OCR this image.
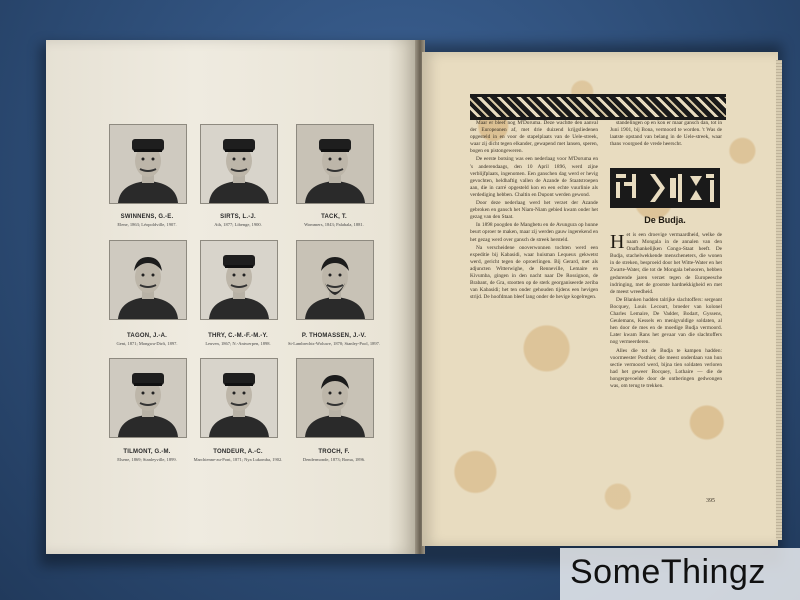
SWINNENS, G.-E.
Elene, 1863; Léopoldville, 1907.
SIRTS, L.-J.
Ath, 1877; Libenge, 1900.
TACK, T.
Wommers, 1843; Palabala, 1881.
TAGON, J.-A.
Gent, 1871; Mongwa-Dirfi, 1897.
THRY, C.-M.-F.-M.-Y.
Leuven, 1867; N.-Antwerpen, 1898.
P. THOMASSEN, J.-V.
St-Lambrechts-Woluwe, 1870; Stanley-Pool, 1897.
TILMONT, G.-M.
Elsene, 1869; Stanleyville, 1899.
TONDEUR, A.-C.
Marchienne-au-Pont, 1871; Nya Lukomba, 1902.
TROCH, F.
Dendermonde, 1873; Boma, 1896.

Maar er bleef nog M'Doruma. Deze wachtte den aanval der Europeanen af, met drie duizend krijgsliedenen opgesteld in en voor de stapelplaats van de Uele-streek, waar zij dicht tegen elkander, gewapend met lansen, speren, bogen en pistongeweren.

De eerste botsing was een nederlaag voor M'Doruma en 's anderendaags, den 10 April 1896, werd zijne verblijfplaats, ingenomen. Een ganschen dag werd er hevig gevochten, heldhaftig vallen de Azande de Staatstroepen aan, die in carré opgesteld kon en een echte vuurlinie als verdediging hebben. Chaltin en Dupont werden gewond.

Door deze nederlaag werd het verzet der Azande gebroken en gansch het Niam-Niam gebied kwam onder het gezag van den Staat.

In 1898 poogden de Mangbetu en de Avungura op hunne beurt oproer te maken, maar zij werden gauw ingerekend en het gezag werd over gansch de streek hersteld.

Na verscheidene onoverwonnen tochten werd een expeditie bij Kabasidi, waar huisman Lequeux gekwetst werd, gericht tegen de oproerlingen. Bij Gerard, met als adjuncten Witterwighe, de Renneville, Lemaire en Kivumba, gingen in den nacht naar De Rossignon, de Brabant, de Gra, stootten op de sterk georganiseerde zeriba van Kabasidi; het ten onder gehouden tijdens een hevigen strijd. De hoofdman bleef lang onder de hevige kogelregen.

standelingen op en kon er maar gansch dan, tot in Juni 1901, bij Bona, vermoord te worden. 't Was de laatste opstand van belang in de Uele-streek, waar thans voorgoed de vrede heerscht.

De Budja.

Het is een droevige vermaardheid, welke de naam Mongala in de annalen van den Onafhankelijken Congo-Staat heeft. De Budja, stachelwekkende menscheneters, die wonen in de streken, besproeid door het Witte-Water en het Zwarte-Water, die tot de Mongala behooren, hebben gedurende jaren verzet tegen de Europeesche indringing, met de grootste hardnekkigheid en met de meest wreedheid.

De Blanken hadden talrijke slachtoffers: sergeant Bocquey, Louis Lecourt, broeder van kolonel Charles Lemaire, De Vadder, Bodart, Gyssens, Geulemans, Kessels en menigvuldige soldaten, al hen door de mes en de moedige Budja vermoord. Later kwam Rans het gevaar van die slachtoffers nog vermeerderen.

Alles die tot de Budja te kampen hadden: voormeester Posthier, die meest onderdaan van hun sectie vermoord werd, bijna tien soldaten verloren had het geweer Bocquey, Lothaire — die de hongergevoelde door de ontberingen gedwongen was, om terug te trekken.

395
SomeThingz
